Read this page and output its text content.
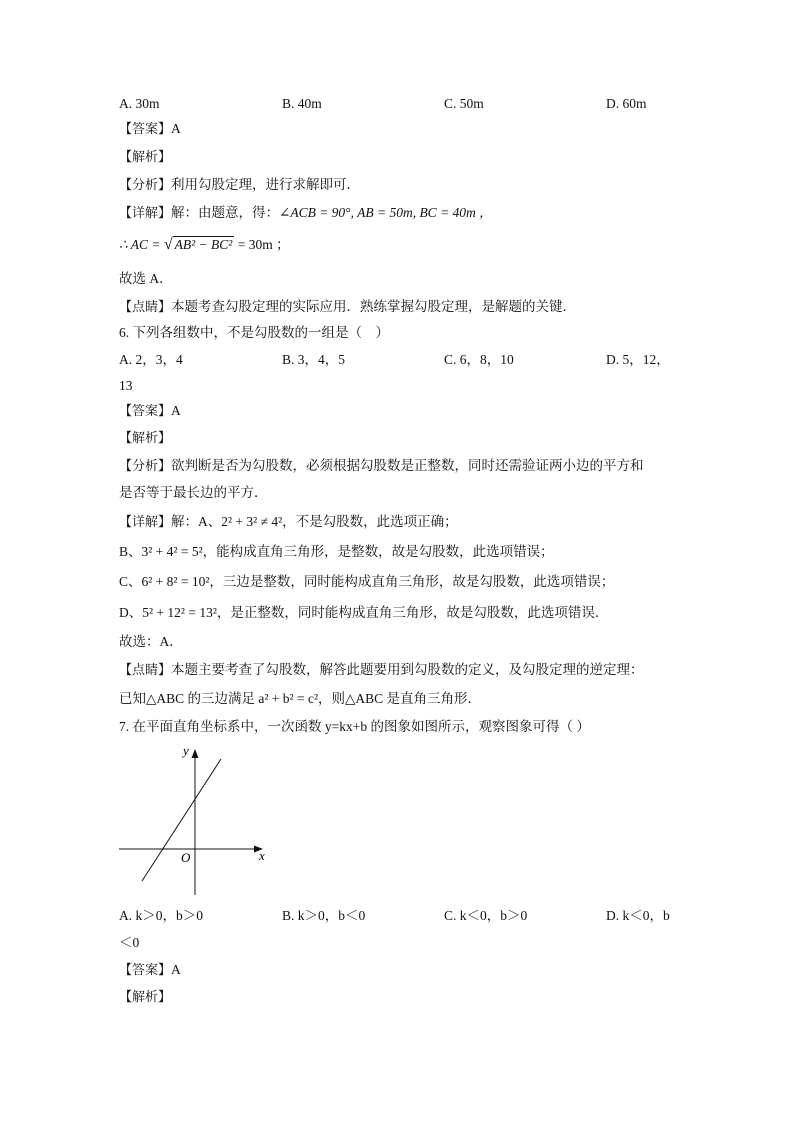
A. 30m	B. 40m	C. 50m	D. 60m
【答案】A
【解析】
【分析】利用勾股定理，进行求解即可．
【详解】解：由题意，得：∠ACB = 90°, AB = 50m, BC = 40m ，
∴ AC = √ AB² − BC² = 30m ；
故选 A．
【点睛】本题考查勾股定理的实际应用．熟练掌握勾股定理，是解题的关键．
6. 下列各组数中，不是勾股数的一组是（　）
A. 2，3，4	B. 3，4，5	C. 6，8，10	D. 5，12，
13
【答案】A
【解析】
【分析】欲判断是否为勾股数，必须根据勾股数是正整数，同时还需验证两小边的平方和
是否等于最长边的平方．
【详解】解：A、2² + 3² ≠ 4²，不是勾股数，此选项正确；
B、3² + 4² = 5²，能构成直角三角形，是整数，故是勾股数，此选项错误；
C、6² + 8² = 10²，三边是整数，同时能构成直角三角形，故是勾股数，此选项错误；
D、5² + 12² = 13²，是正整数，同时能构成直角三角形，故是勾股数，此选项错误．
故选：A．
【点睛】本题主要考查了勾股数，解答此题要用到勾股数的定义，及勾股定理的逆定理：
已知△ABC 的三边满足 a² + b² = c²，则△ABC 是直角三角形．
7. 在平面直角坐标系中，一次函数 y=kx+b 的图象如图所示，观察图象可得（ ）
x
y
O
A. k＞0，b＞0	B. k＞0，b＜0	C. k＜0，b＞0	D. k＜0，b
＜0
【答案】A
【解析】
